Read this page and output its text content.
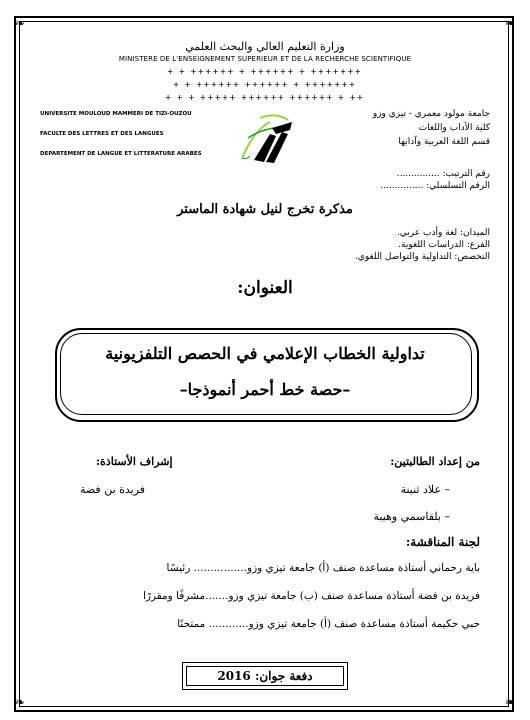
❧	❧
❧	❧
وزارة التعليم العالي والبحث العلمي
MINISTERE DE L'ENSEIGNEMENT SUPERIEUR ET DE LA RECHERCHE SCIENTIFIQUE
ⵜ ⵜ ⵜⵜⵜⵜⵜⵜ ⵜ ⵜⵜⵜⵜⵜⵜ ⵜ ⵜⵜⵜⵜⵜⵜⵜ
ⵜ ⵜ ⵜⵜⵜⵜⵜⵜ ⵜⵜⵜⵜⵜⵜ ⵜ ⵜⵜⵜⵜⵜⵜⵜ
ⵜ ⵜ ⵜ ⵜⵜⵜⵜⵜ ⵜⵜⵜⵜⵜⵜ ⵜⵜⵜⵜⵜⵜ ⵜ ⵜⵜ
UNIVERSITE MOULOUD MAMMERI DE TIZI-OUZOU
FACULTE DES LETTRES ET DES LANGUES
DEPARTEMENT DE LANGUE ET LITTERATURE ARABES
جامعة مولود معمري - تيزي وزو
كلية الآداب واللغات
قسم اللغة العربية وآدابها
رقم الترتيب: ...............
الرقم التسلسلي: ...............
مذكرة تخرج لنيل شهادة الماستر
الميدان: لغة وأدب عربي.
الفرع: الدراسات اللغوية.
التخصص: التداولية والتواصل اللغوي.
العنوان:
تداولية الخطاب الإعلامي في الحصص التلفزيونية
–حصة خط أحمر أنموذجا–
من إعداد الطالبتين:
– علاد ثنينة
– بلقاسمي وهيبة
إشراف الأستاذة:
فريدة بن فضة
لجنة المناقشة:
باية رحماني أستاذة مساعدة صنف (أ) جامعة تيزي وزو................ رئيسًا
فريدة بن فضة أستاذة مساعدة صنف (ب) جامعة تيزي وزو.......مشرفًا ومقررًا
حبي حكيمة أستاذة مساعدة صنف (أ) جامعة تيزي وزو............ ممتحنًا
دفعة جوان: 2016
